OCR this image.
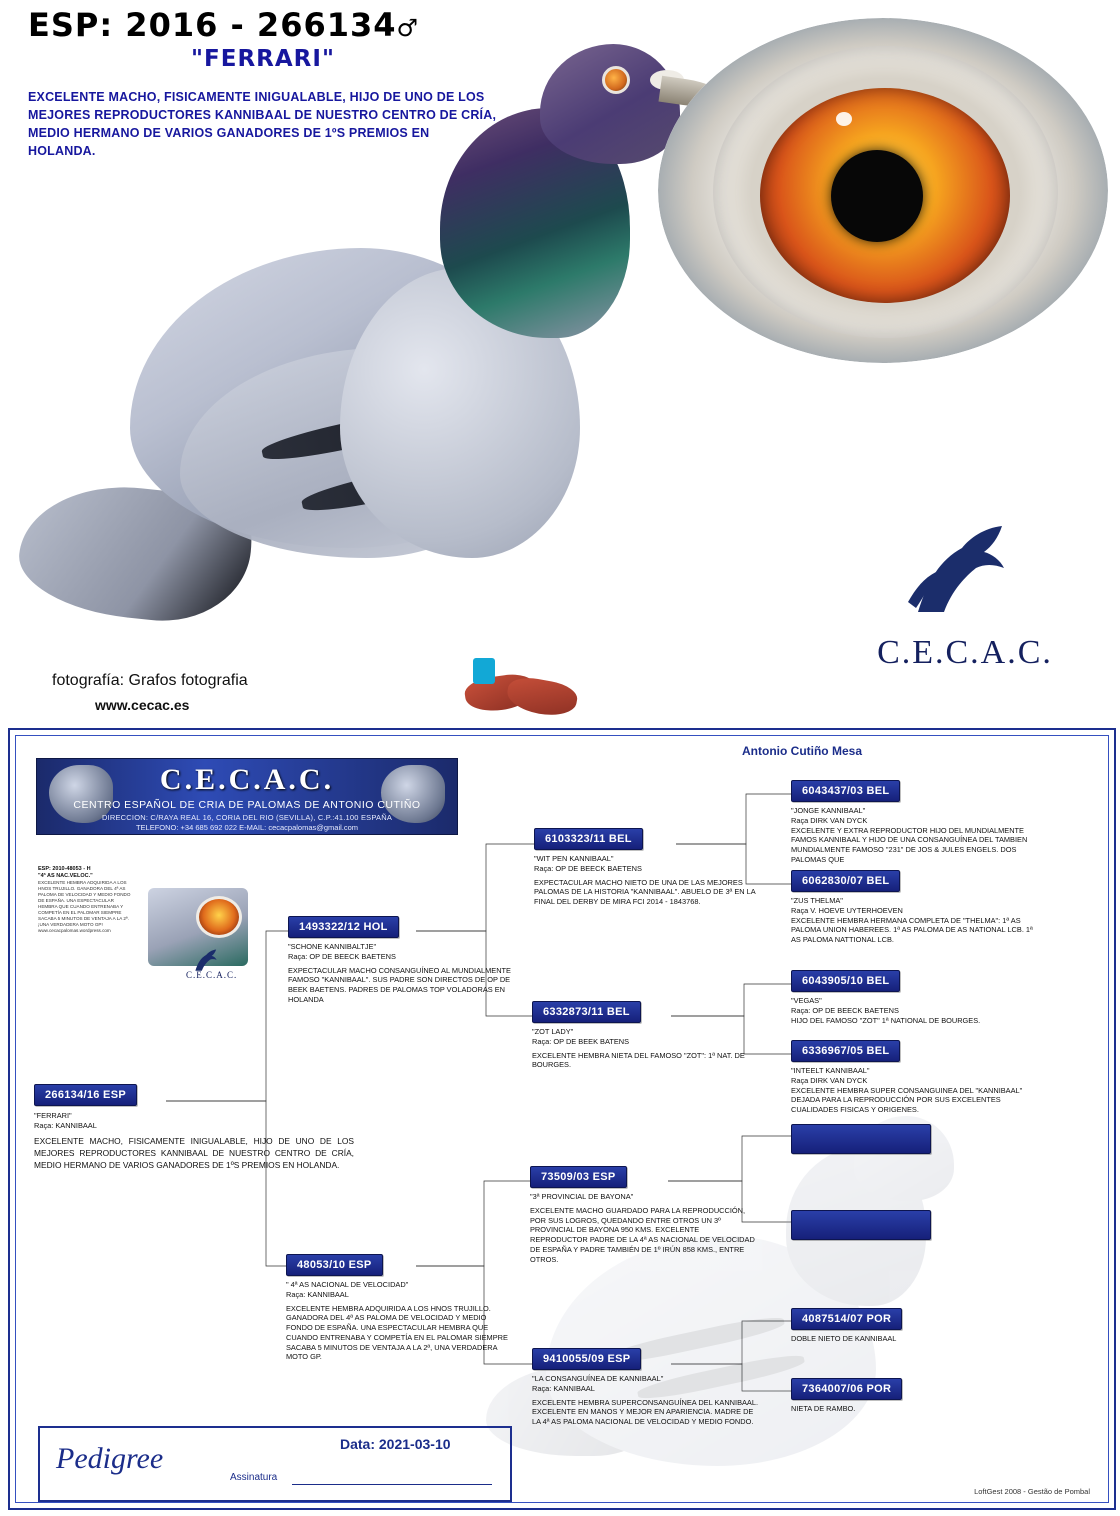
ESP: 2016 - 266134♂
"FERRARI"
EXCELENTE MACHO, FISICAMENTE INIGUALABLE, HIJO DE UNO DE LOS MEJORES REPRODUCTORES KANNIBAAL DE NUESTRO CENTRO DE CRÍA, MEDIO HERMANO DE VARIOS GANADORES DE 1ºS PREMIOS EN HOLANDA.
fotografía: Grafos fotografia
www.cecac.es
C.E.C.A.C.
Antonio Cutiño Mesa
C.E.C.A.C.
CENTRO ESPAÑOL DE CRIA DE PALOMAS DE ANTONIO CUTIÑO
DIRECCION: C/RAYA REAL 16, CORIA DEL RIO (SEVILLA), C.P.:41.100 ESPAÑA
TELEFONO: +34 685 692 022 E-MAIL: cecacpalomas@gmail.com
ESP: 2010-48053 - H
"4ª AS NAC.VELOC."
EXCELENTE HEMBRA ADQUIRIDA A LOS HNOS TRUJILLO. GANADORA DEL 4ª AS PALOMA DE VELOCIDAD Y MEDIO FONDO DE ESPAÑA. UNA ESPECTACULAR HEMBRA QUE CUANDO ENTRENABA Y COMPETÍA EN EL PALOMAR SIEMPRE SACABA 5 MINUTOS DE VENTAJA A LA 2ª.
¡UNA VERDADERA MOTO GP!
www.cecacpalomas.wordpress.com
C.E.C.A.C.
266134/16 ESP
"FERRARI"
Raça: KANNIBAAL
EXCELENTE MACHO, FISICAMENTE INIGUALABLE, HIJO DE UNO DE LOS MEJORES REPRODUCTORES KANNIBAAL DE NUESTRO CENTRO DE CRÍA, MEDIO HERMANO DE VARIOS GANADORES DE 1ºS PREMIOS EN HOLANDA.
1493322/12 HOL
"SCHONE KANNIBALTJE"
Raça: OP DE BEECK BAETENS
EXPECTACULAR MACHO CONSANGUÍNEO AL MUNDIALMENTE FAMOSO "KANNIBAAL". SUS PADRE SON DIRECTOS DE OP DE BEEK BAETENS. PADRES DE PALOMAS TOP VOLADORAS EN HOLANDA
48053/10 ESP
" 4ª AS NACIONAL DE VELOCIDAD"
Raça: KANNIBAAL
EXCELENTE HEMBRA ADQUIRIDA A LOS HNOS TRUJILLO. GANADORA DEL 4ª AS PALOMA DE VELOCIDAD Y MEDIO FONDO DE ESPAÑA. UNA ESPECTACULAR HEMBRA QUE CUANDO ENTRENABA Y COMPETÍA EN EL PALOMAR SIEMPRE SACABA 5 MINUTOS DE VENTAJA A LA 2ª, UNA VERDADERA MOTO GP.
6103323/11 BEL
"WIT PEN KANNIBAAL"
Raça: OP DE BEECK BAETENS
EXPECTACULAR MACHO NIETO DE UNA DE LAS MEJORES PALOMAS DE LA HISTORIA "KANNIBAAL". ABUELO DE 3ª EN LA FINAL DEL DERBY DE MIRA FCI 2014 - 1843768.
6332873/11 BEL
"ZOT LADY"
Raça: OP DE BEEK BATENS
EXCELENTE HEMBRA NIETA DEL FAMOSO "ZOT": 1ª NAT. DE BOURGES.
73509/03 ESP
"3ª PROVINCIAL DE BAYONA"
EXCELENTE MACHO GUARDADO PARA LA REPRODUCCIÓN, POR SUS LOGROS, QUEDANDO ENTRE OTROS UN 3º PROVINCIAL DE BAYONA 950 KMS. EXCELENTE REPRODUCTOR PADRE DE LA 4ª AS NACIONAL DE VELOCIDAD DE ESPAÑA Y PADRE TAMBIÉN DE 1º IRÚN 858 KMS., ENTRE OTROS.
9410055/09 ESP
"LA CONSANGUÍNEA DE KANNIBAAL"
Raça: KANNIBAAL
EXCELENTE HEMBRA SUPERCONSANGUÍNEA DEL KANNIBAAL. EXCELENTE EN MANOS Y MEJOR EN APARIENCIA. MADRE DE LA 4ª AS PALOMA NACIONAL DE VELOCIDAD Y MEDIO FONDO.
6043437/03 BEL
"JONGE KANNIBAAL"
Raça DIRK VAN DYCK
EXCELENTE Y EXTRA REPRODUCTOR HIJO DEL MUNDIALMENTE FAMOS KANNIBAAL Y HIJO DE UNA CONSANGUÍNEA DEL TAMBIEN MUNDIALMENTE FAMOSO "231" DE JOS & JULES ENGELS. DOS PALOMAS QUE
6062830/07 BEL
"ZUS THELMA"
Raça V. HOEVE UYTERHOEVEN
EXCELENTE HEMBRA HERMANA COMPLETA DE "THELMA": 1ª AS PALOMA UNION HABEREES. 1ª AS PALOMA DE AS NATIONAL LCB. 1ª AS PALOMA NATTIONAL LCB.
6043905/10 BEL
"VEGAS"
Raça: OP DE BEECK BAETENS
HIJO DEL FAMOSO "ZOT" 1ª NATIONAL DE BOURGES.
6336967/05 BEL
"INTEELT KANNIBAAL"
Raça DIRK VAN DYCK
EXCELENTE HEMBRA SUPER CONSANGUINEA DEL "KANNIBAAL" DEJADA PARA LA REPRODUCCIÓN POR SUS EXCELENTES CUALIDADES FISICAS Y ORIGENES.
4087514/07 POR
DOBLE NIETO DE KANNIBAAL
7364007/06 POR
NIETA DE RAMBO.
Pedigree	Data: 2021-03-10
Assinatura
LoftGest 2008 - Gestão de Pombal
